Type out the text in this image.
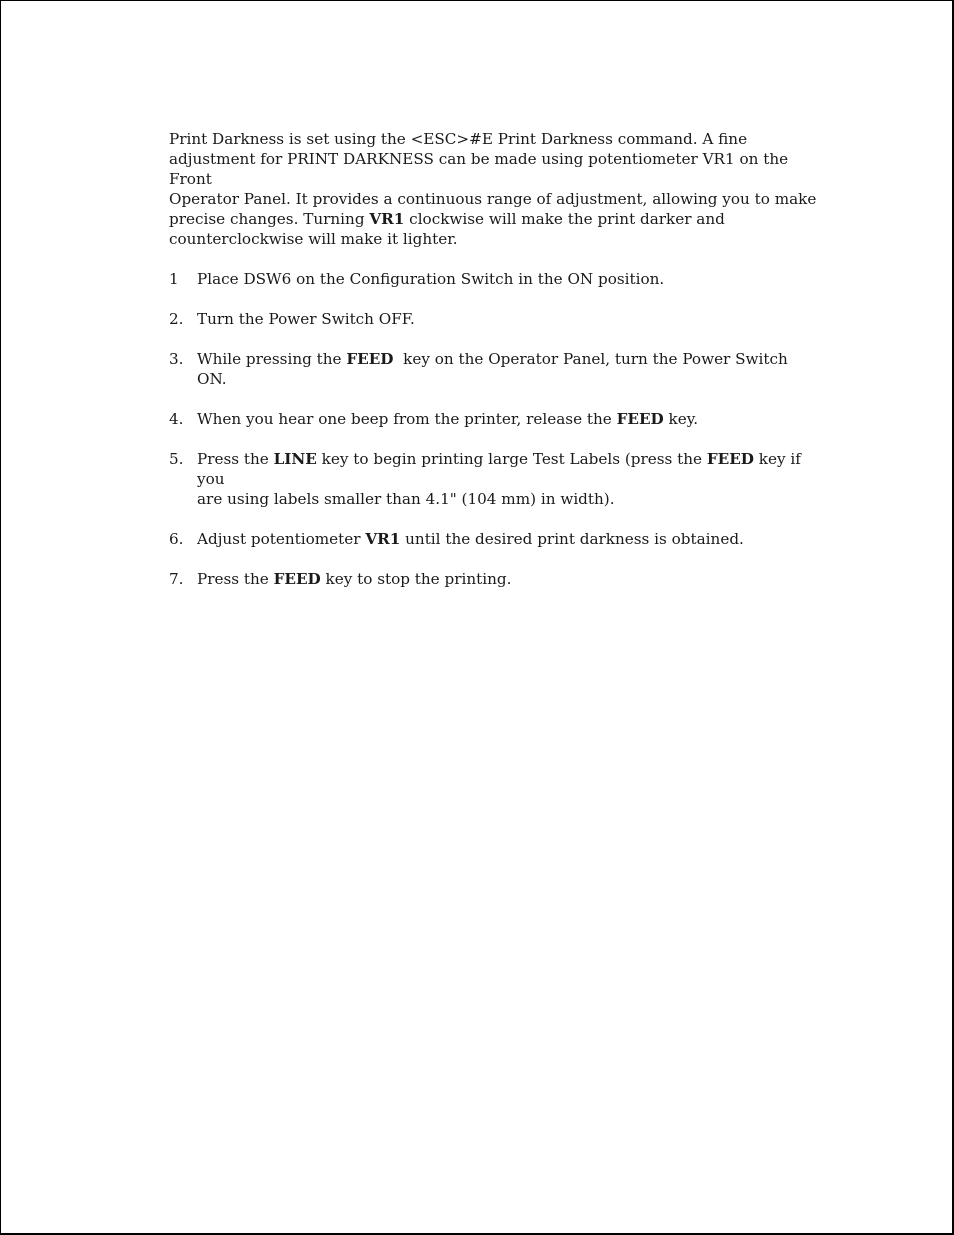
Print Darkness is set using the <ESC>#E Print Darkness command. A fine
adjustment for PRINT DARKNESS can be made using potentiometer VR1 on the Front
Operator Panel. It provides a continuous range of adjustment, allowing you to make
precise changes. Turning VR1 clockwise will make the print darker and
counterclockwise will make it lighter.

1	Place DSW6 on the Configuration Switch in the ON position.
2. Turn the Power Switch OFF.
3. While pressing the FEED  key on the Operator Panel, turn the Power Switch ON.
4. When you hear one beep from the printer, release the FEED key.
5. Press the LINE key to begin printing large Test Labels (press the FEED key if you
are using labels smaller than 4.1" (104 mm) in width).
6. Adjust potentiometer VR1 until the desired print darkness is obtained.
7. Press the FEED key to stop the printing.
